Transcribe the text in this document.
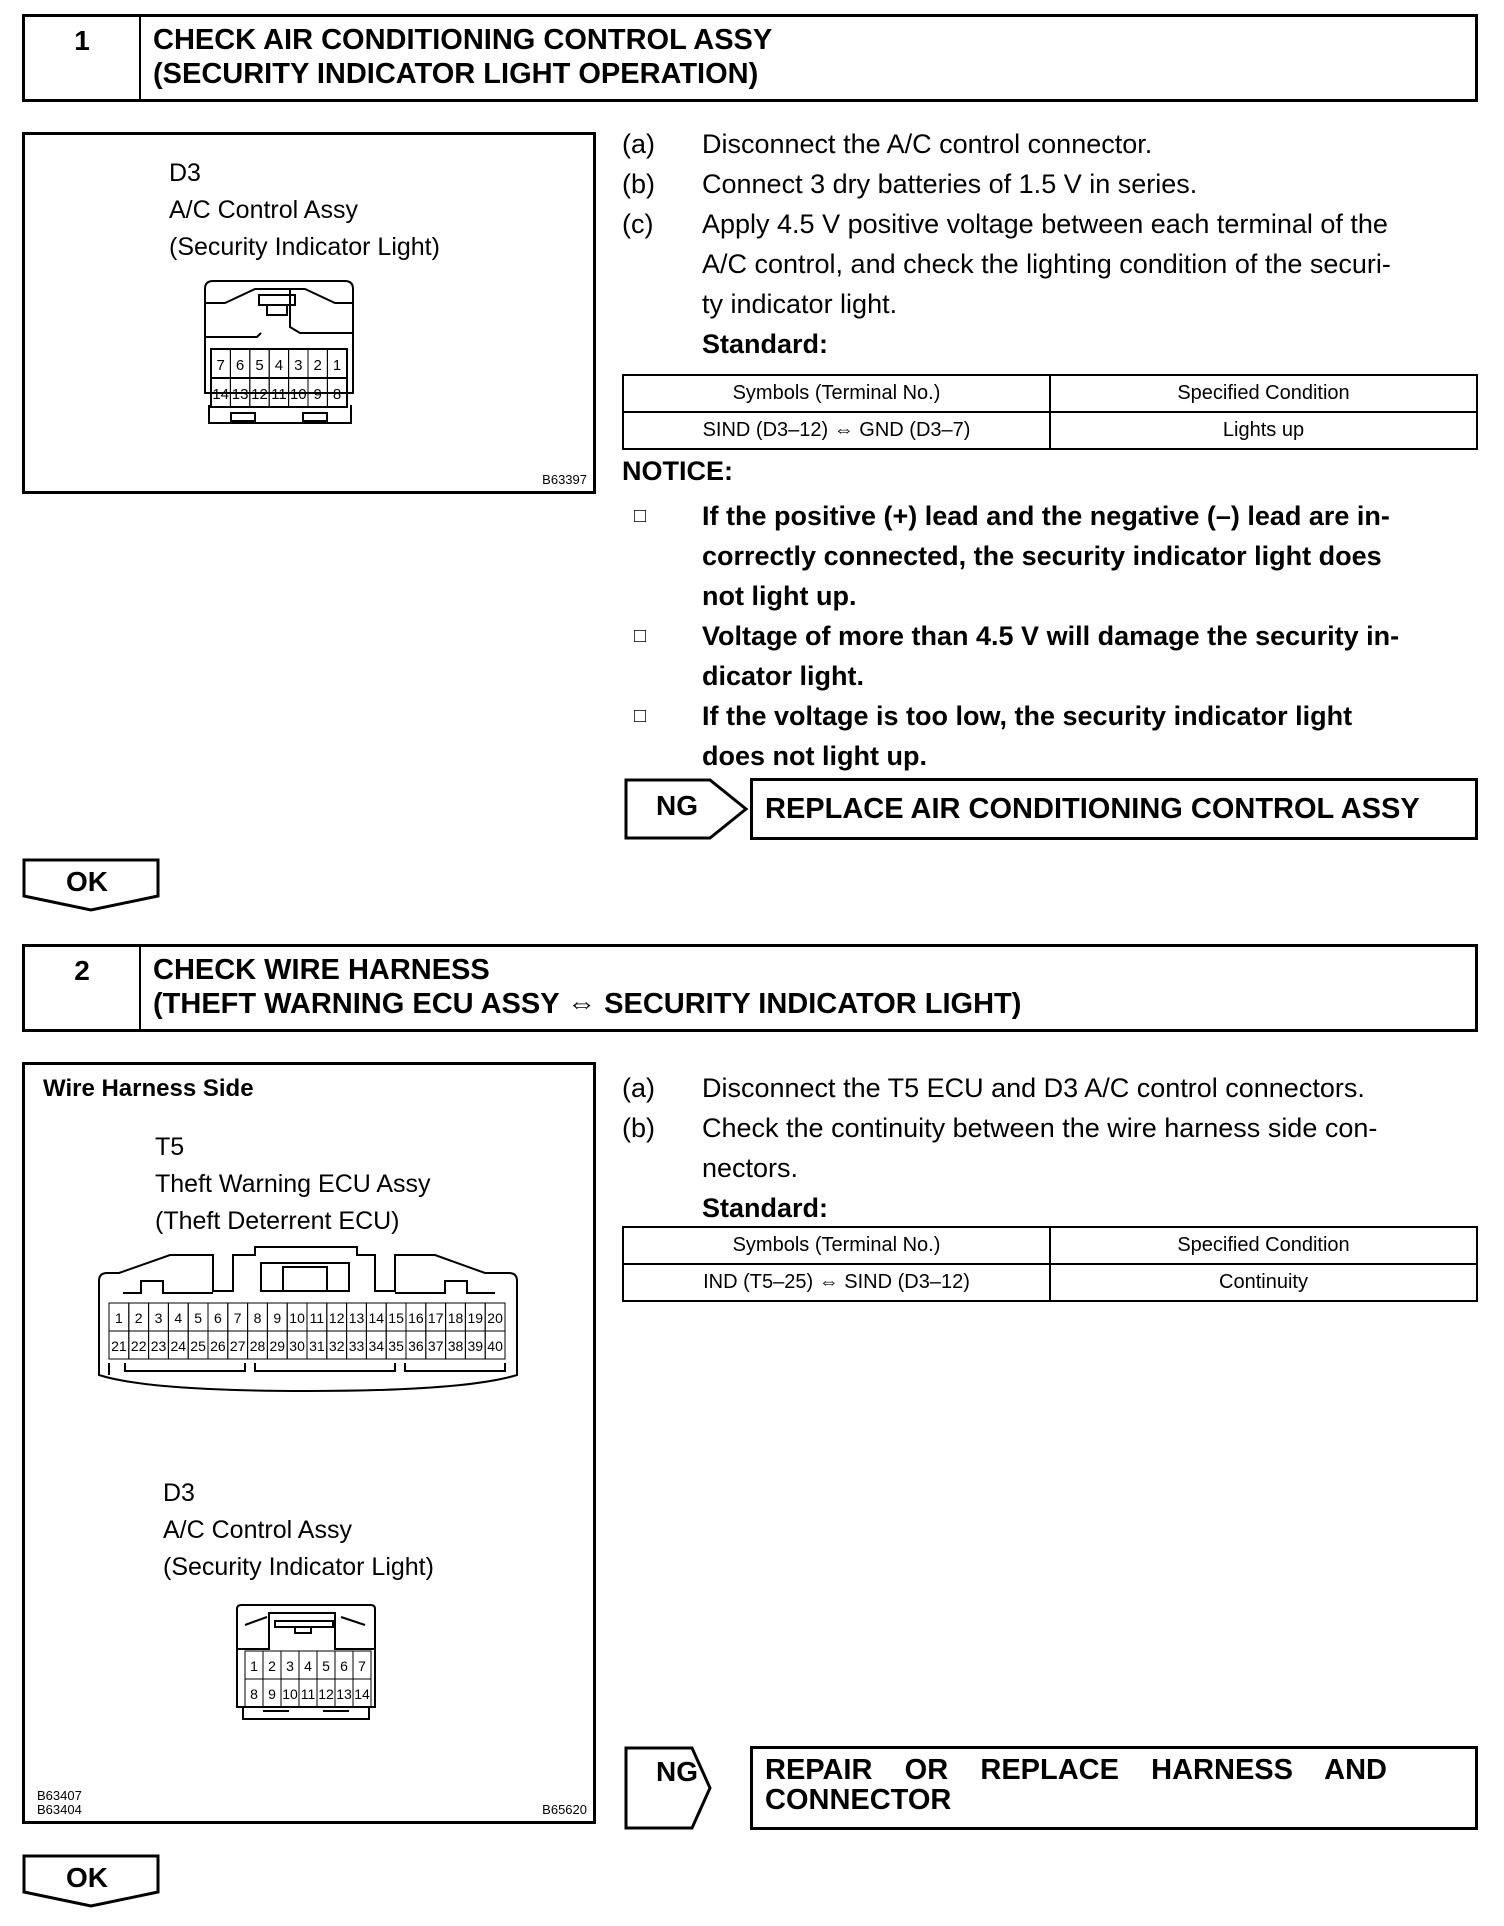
1	CHECK AIR CONDITIONING CONTROL ASSY
(SECURITY INDICATOR LIGHT OPERATION)
D3
A/C Control Assy
(Security Indicator Light)
7 6 5 4 3 2 1
14 13 12 11 10 9 8
B63397
(a)	Disconnect the A/C control connector.
(b)	Connect 3 dry batteries of 1.5 V in series.
(c)	Apply 4.5 V positive voltage between each terminal of the
A/C control, and check the lighting condition of the securi-
ty indicator light.
Standard:
Symbols (Terminal No.)	Specified Condition
SIND (D3–12) ⇔ GND (D3–7)	Lights up
NOTICE:
□	If the positive (+) lead and the negative (–) lead are in-
correctly connected, the security indicator light does
not light up.
□	Voltage of more than 4.5 V will damage the security in-
dicator light.
□	If the voltage is too low, the security indicator light
does not light up.
NG	REPLACE AIR CONDITIONING CONTROL ASSY
OK
2	CHECK WIRE HARNESS
(THEFT WARNING ECU ASSY ⇔ SECURITY INDICATOR LIGHT)
Wire Harness Side
T5
Theft Warning ECU Assy
(Theft Deterrent ECU)
1 2 3 4 5 6 7 8 9 10 11 12 13 14 15 16 17 18 19 20
21 22 23 24 25 26 27 28 29 30 31 32 33 34 35 36 37 38 39 40
D3
A/C Control Assy
(Security Indicator Light)
1 2 3 4 5 6 7
8 9 10 11 12 13 14
B63407
B63404	B65620
(a)	Disconnect the T5 ECU and D3 A/C control connectors.
(b)	Check the continuity between the wire harness side con-
nectors.
Standard:
Symbols (Terminal No.)	Specified Condition
IND (T5–25) ⇔ SIND (D3–12)	Continuity
NG REPAIR    OR    REPLACE    HARNESS    AND
CONNECTOR
OK
